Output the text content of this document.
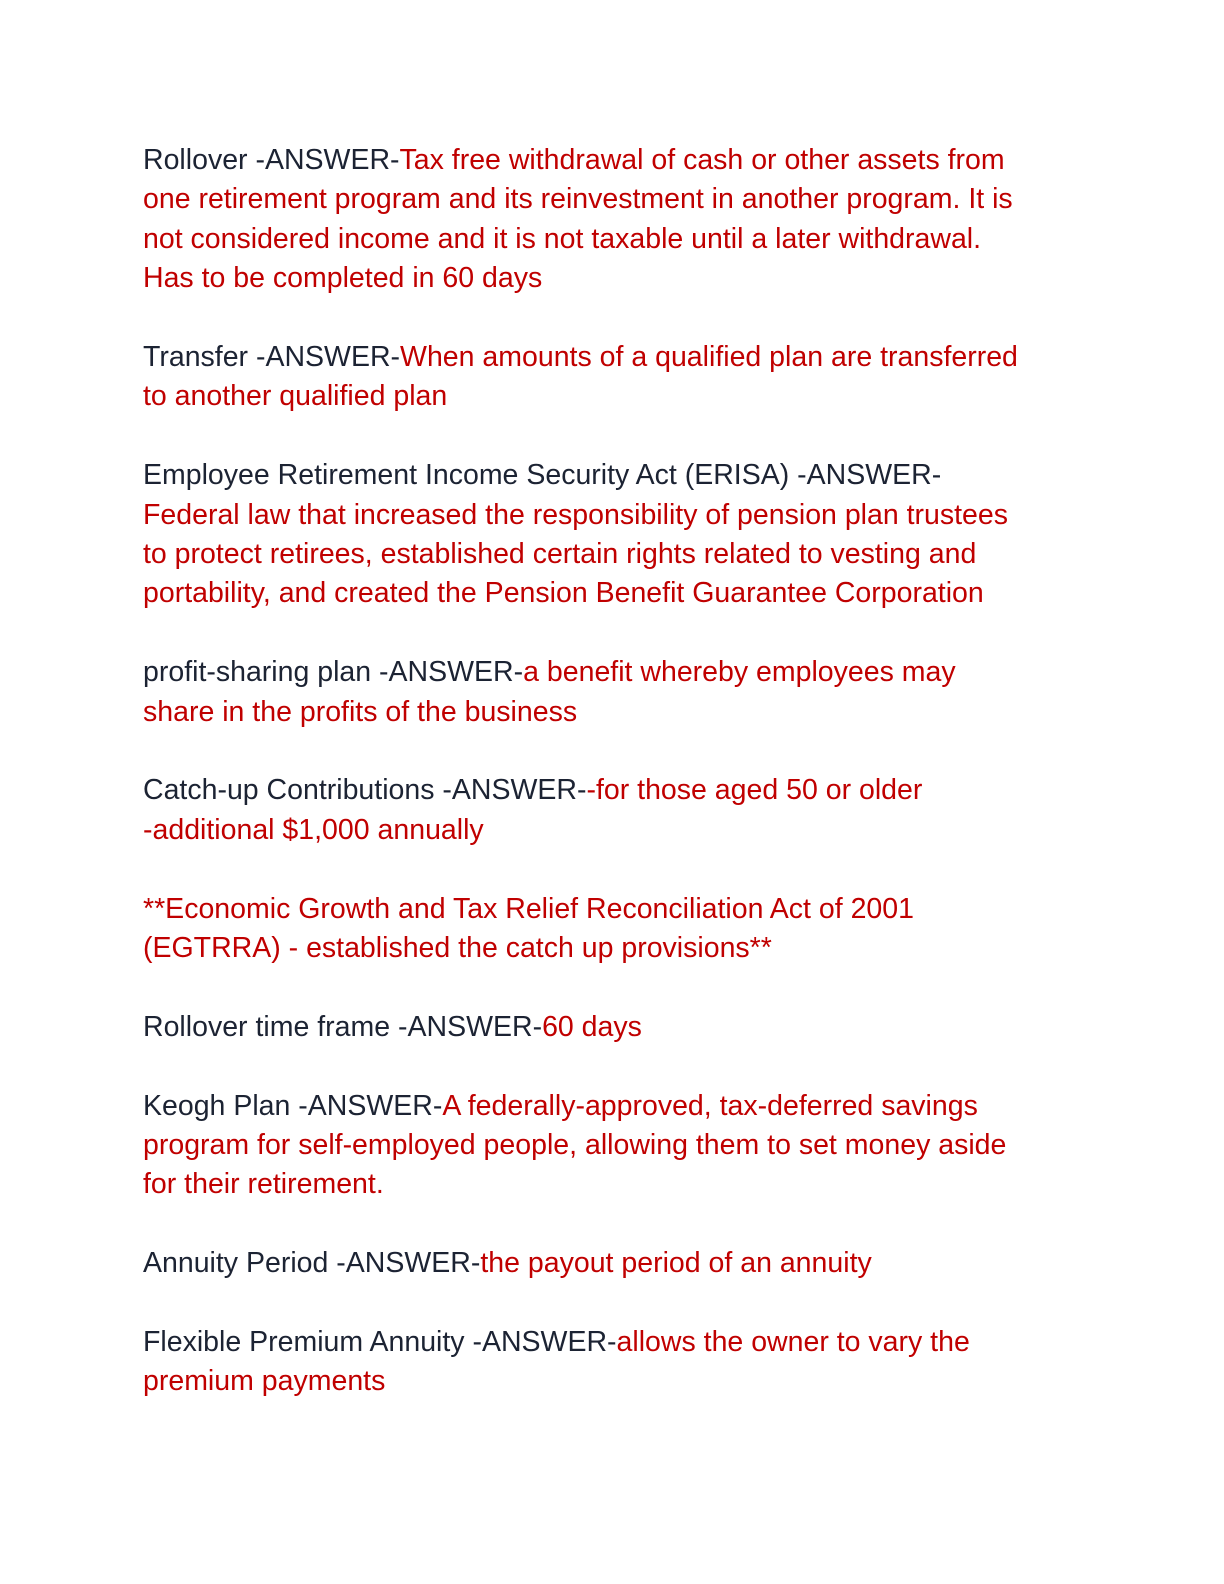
Rollover -ANSWER-Tax free withdrawal of cash or other assets from
one retirement program and its reinvestment in another program. It is
not considered income and it is not taxable until a later withdrawal.
Has to be completed in 60 days

Transfer -ANSWER-When amounts of a qualified plan are transferred
to another qualified plan

Employee Retirement Income Security Act (ERISA) -ANSWER-
Federal law that increased the responsibility of pension plan trustees
to protect retirees, established certain rights related to vesting and
portability, and created the Pension Benefit Guarantee Corporation

profit-sharing plan -ANSWER-a benefit whereby employees may
share in the profits of the business

Catch-up Contributions -ANSWER--for those aged 50 or older
-additional $1,000 annually

**Economic Growth and Tax Relief Reconciliation Act of 2001
(EGTRRA) - established the catch up provisions**

Rollover time frame -ANSWER-60 days

Keogh Plan -ANSWER-A federally-approved, tax-deferred savings
program for self-employed people, allowing them to set money aside
for their retirement.

Annuity Period -ANSWER-the payout period of an annuity

Flexible Premium Annuity -ANSWER-allows the owner to vary the
premium payments
